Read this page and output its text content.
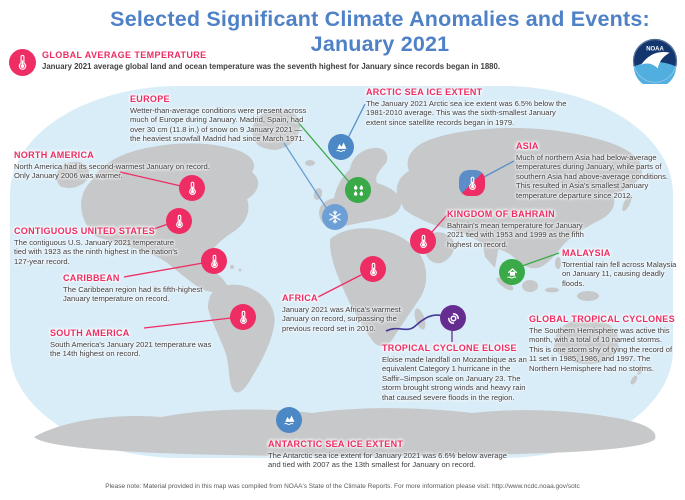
Selected Significant Climate Anomalies and Events: January 2021
GLOBAL AVERAGE TEMPERATURE
January 2021 average global land and ocean temperature was the seventh highest for January since records began in 1880.
NOAA
EUROPE
Wetter-than-average conditions were present across much of Europe during January. Madrid, Spain, had over 30 cm (11.8 in.) of snow on 9 January 2021 — the heaviest snowfall Madrid had since March 1971.
ARCTIC SEA ICE EXTENT
The January 2021 Arctic sea ice extent was 6.5% below the 1981-2010 average. This was the sixth-smallest January extent since satellite records began in 1979.
NORTH AMERICA
North America had its second-warmest January on record. Only January 2006 was warmer.
ASIA
Much of northern Asia had below-average temperatures during January, while parts of southern Asia had above-average conditions. This resulted in Asia's smallest January temperature departure since 2012.
CONTIGUOUS UNITED STATES
The contiguous U.S. January 2021 temperature tied with 1923 as the ninth highest in the nation's 127-year record.
KINGDOM OF BAHRAIN
Bahrain's mean temperature for January 2021 tied with 1953 and 1999 as the fifth highest on record.
CARIBBEAN
The Caribbean region had its fifth-highest January temperature on record.
MALAYSIA
Torrential rain fell across Malaysia on January 11, causing deadly floods.
AFRICA
January 2021 was Africa's warmest January on record, surpassing the previous record set in 2010.
SOUTH AMERICA
South America's January 2021 temperature was the 14th highest on record.
GLOBAL TROPICAL CYCLONES
The Southern Hemisphere was active this month, with a total of 10 named storms. This is one storm shy of tying the record of 11 set in 1985, 1986, and 1997. The Northern Hemisphere had no storms.
TROPICAL CYCLONE ELOISE
Eloise made landfall on Mozambique as an equivalent Category 1 hurricane in the Saffir–Simpson scale on January 23. The storm brought strong winds and heavy rain that caused severe floods in the region.
ANTARCTIC SEA ICE EXTENT
The Antarctic sea ice extent for January 2021 was 6.6% below average and tied with 2007 as the 13th smallest for January on record.
Please note: Material provided in this map was compiled from NOAA's State of the Climate Reports. For more information please visit: http://www.ncdc.noaa.gov/sotc
